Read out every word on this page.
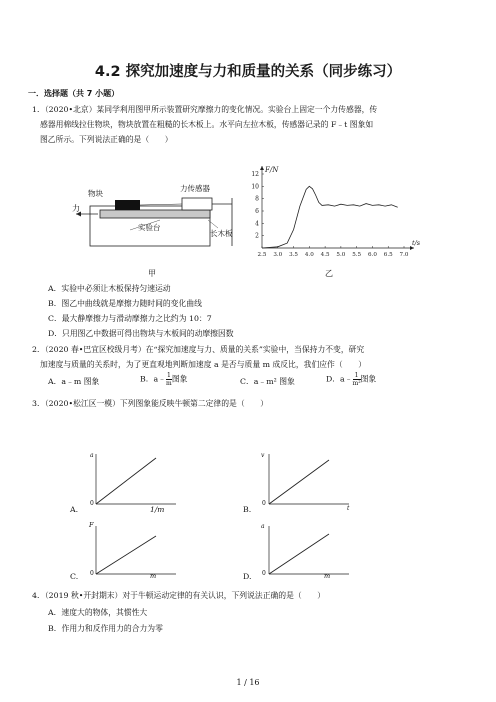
4.2 探究加速度与力和质量的关系（同步练习）
一．选择题（共 7 小题）
1．（2020•北京）某同学利用图甲所示装置研究摩擦力的变化情况。实验台上固定一个力传感器，传
感器用棉线拉住物块，物块放置在粗糙的长木板上。水平向左拉木板，传感器记录的 F﹣t 图象如
图乙所示。下列说法正确的是（　　）
物块
力传感器
力
实验台
长木板
甲
12
10
8
6
4
2
2.5 3.0 3.5 4.0 4.5 5.0 5.5 6.0 6.5 7.0
F/N
t/s
乙
A．实验中必须让木板保持匀速运动
B．图乙中曲线就是摩擦力随时间的变化曲线
C．最大静摩擦力与滑动摩擦力之比约为 10：7
D．只用图乙中数据可得出物块与木板间的动摩擦因数
2．（2020 春•巴宜区校级月考）在“探究加速度与力、质量的关系”实验中，当保持力不变，研究
加速度与质量的关系时，为了更直观地判断加速度 a 是否与质量 m 成反比，我们应作（　　）
A．a﹣m 图象	B．a﹣ $\frac{1}{m}$ 图象	C．a﹣m² 图象	D．a﹣ $\frac{1}{\text{m²}}$ 图象
3．（2020•松江区一模）下列图象能反映牛顿第二定律的是（　　）
A.
a
0
1/m	B.
v
0
t
C.
F
0	m	D.
a
0	m
4．（2019 秋•开封期末）对于牛顿运动定律的有关认识，下列说法正确的是（　　）
A．速度大的物体，其惯性大
B．作用力和反作用力的合力为零
1 / 16
